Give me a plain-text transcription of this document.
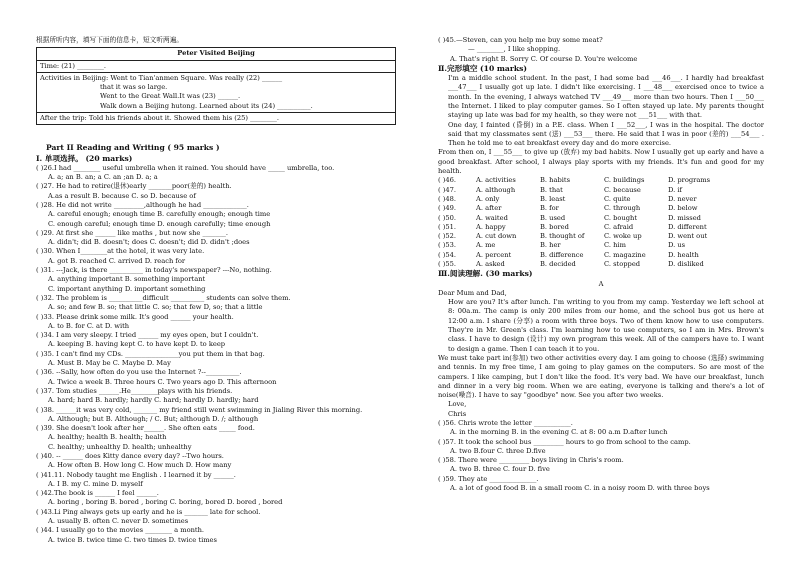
根据所听内容，填写下面的信息卡，短文听两遍。
Peter Visited Beijing
Time: (21) ________.
Activities in Beijing: Went to Tian'anmen Square. Was really (22) ______
that it was so large.
Went to the Great Wall.It was (23) ______.
Walk down a Beijing hutong. Learned about its (24) __________.
After the trip: Told his friends about it. Showed them his (25) ________.
Part II Reading and Writing ( 95 marks )
Ⅰ. 单项选择。 (20 marks)
( )26.I had ________ useful umbrella when it rained. You should have _____ umbrella, too.
A. a; an B. an; a C. an ;an D. a; a
( )27. He had to retire(退休)early _______poor(差的) health.
A.as a result B. because C. so D. because of
( )28. He did not write _________,although he had _____________.
A. careful enough; enough time B. carefully enough; enough time
C. enough careful; enough time D. enough carefully; time enough
( )29. At first she ______ like maths , but now she _______.
A. didn't; did B. doesn't; does C. doesn't; did D. didn't ;does
( )30. When I________at the hotel, it was very late.
A. got B. reached C. arrived D. reach for
( )31. ---Jack, is there __________ in today's newspaper? ---No, nothing.
A. anything important B. something important
C. important anything D. important something
( )32. The problem is __________difficult __________ students can solve them.
A. so; and few B. so; that little C. so; that few D, so; that a little
( )33. Please drink some milk. It's good ______ your health.
A. to B. for C. at D. with
( )34. I am very sleepy. I tried ______ my eyes open, but I couldn't.
A. keeping B. having kept C. to have kept D. to keep
( )35. I can't find my CDs. ________________you put them in that bag.
A. Must B. May be C. Maybe D. May
( )36. --Sally, how often do you use the Internet ?--__________.
A. Twice a week B. Three hours C. Two years ago D. This afternoon
( )37. Tom studies ______.He________plays with his friends.
A. hard; hard B. hardly; hardly C. hard; hardly D. hardly; hard
( )38. ______it was very cold, _______ my friend still went swimming in Jialing River this morning.
A. Although; but B. Although; / C. But; although D. /; although
( )39. She doesn't look after her______. She often eats _____ food.
A. healthy; health B. health; health
C. healthy; unhealthy D. health; unhealthy
( )40. -- ______ does Kitty dance every day? --Two hours.
A. How often B. How long C. How much D. How many
( )41.11. Nobody taught me English . I learned it by ______.
A. I B. my C. mine D. myself
( )42.The book is ______ I feel ______.
A. boring , boring B. bored , boring C. boring, bored D. bored , bored
( )43.Li Ping always gets up early and he is _______ late for school.
A. usually B. often C. never D. sometimes
( )44. I usually go to the movies ________ a month.
A. twice B. twice time C. two times D. twice times
( )45.—Steven, can you help me buy some meat?
— ________, I like shopping.
A. That's right B. Sorry C. Of course D. You're welcome
Ⅱ.完形填空 (10 marks)
I'm a middle school student. In the past, I had some bad ___46___. I hardly had breakfast ___47___ I usually got up late. I didn't like exercising. I ___48___ exercised once to twice a month. In the evening, I always watched TV ___49___ more than two hours. Then I ___50___ the Internet. I liked to play computer games. So I often stayed up late. My parents thought staying up late was bad for my health, so they were not ___51___ with that.
One day, I fainted (昏倒) in a P.E. class. When I ___52___, I was in the hospital. The doctor said that my classmates sent (送) ___53___ there. He said that I was in poor (差的) ___54___ . Then he told me to eat breakfast every day and do more exercise.
From then on, I ___55___ to give up (放弃) my bad habits. Now I usually get up early and have a good breakfast. After school, I always play sports with my friends. It's fun and good for my health.
( )46.	A. activities	B. habits	C. buildings	D. programs
( )47.	A. although	B. that	C. because	D. if
( )48.	A. only	B. least	C. quite	D. never
( )49.	A. after	B. for	C. through	D. below
( )50.	A. waited	B. used	C. bought	D. missed
( )51.	A. happy	B. bored	C. afraid	D. different
( )52.	A. cut down	B. thought of	C. woke up	D. went out
( )53.	A. me	B. her	C. him	D. us
( )54.	A. percent	B. difference	C. magazine	D. health
( )55.	A. asked	B. decided	C. stopped	D. disliked
Ⅲ.阅读理解. (30 marks)
A
Dear Mum and Dad,
How are you? It's after lunch. I'm writing to you from my camp. Yesterday we left school at 8: 00a.m. The camp is only 200 miles from our home, and the school bus got us here at 12:00 a.m. I share (分享) a room with three boys. Two of them know how to use computers. They're in Mr. Green's class. I'm learning how to use computers, so I am in Mrs. Brown's class. I have to design (设计) my own program this week. All of the campers have to. I want to design a game. Then I can teach it to you.
We must take part in(参加) two other activities every day. I am going to choose (选择) swimming and tennis. In my free time, I am going to play games on the computers. So are most of the campers. I like camping, but I don't like the food. It's very bad. We have our breakfast, lunch and dinner in a very big room. When we are eating, everyone is talking and there's a lot of noise(噪音). I have to say "goodbye" now. See you after two weeks.
Love,
Chris
( )56. Chris wrote the letter ___________.
A. in the morning B. in the evening C. at 8: 00 a.m D.after lunch
( )57. It took the school bus _________ hours to go from school to the camp.
A. two B.four C. three D.five
( )58. There were _________ boys living in Chris's room.
A. two B. three C. four D. five
( )59. They ate ______________.
A. a lot of good food B. in a small room C. in a noisy room D. with three boys
